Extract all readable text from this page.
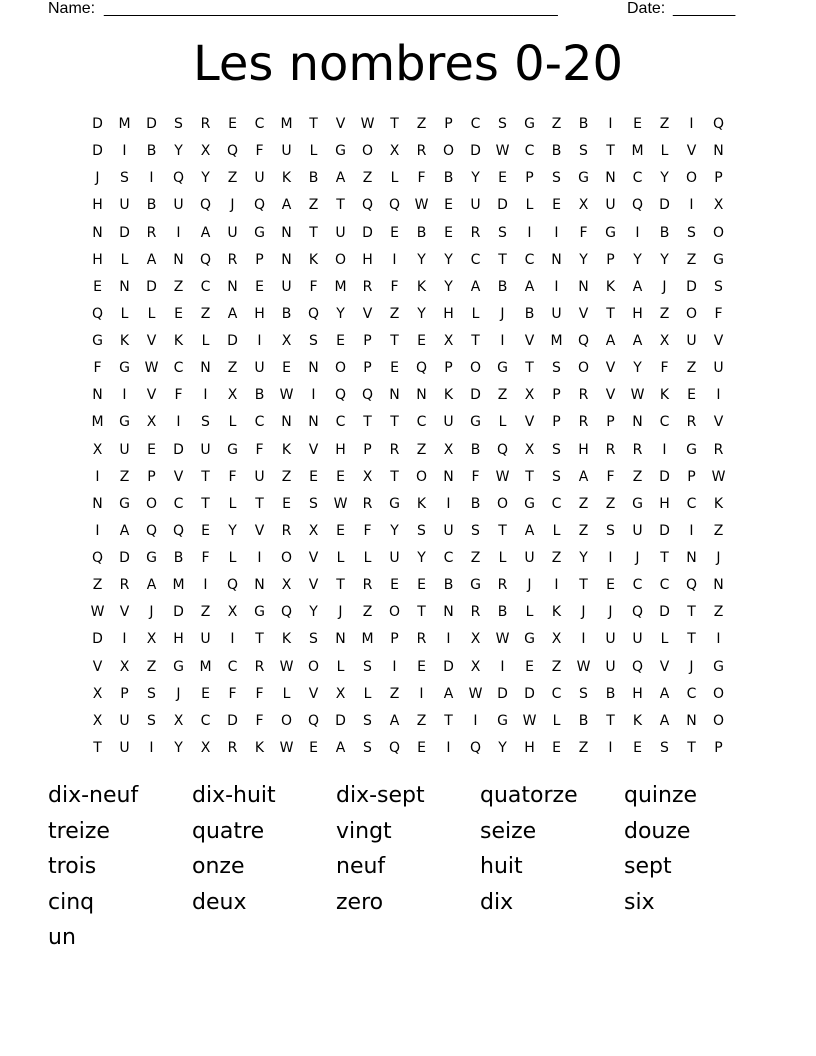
Name: ___________________________________________________	Date: _______
Les nombres 0-20
D	M	D	S	R	E	C	M	T	V	W	T	Z	P	C	S	G	Z	B	I	E	Z	I	Q
D	I	B	Y	X	Q	F	U	L	G	O	X	R	O	D	W	C	B	S	T	M	L	V	N
J	S	I	Q	Y	Z	U	K	B	A	Z	L	F	B	Y	E	P	S	G	N	C	Y	O	P
H	U	B	U	Q	J	Q	A	Z	T	Q	Q	W	E	U	D	L	E	X	U	Q	D	I	X
N	D	R	I	A	U	G	N	T	U	D	E	B	E	R	S	I	I	F	G	I	B	S	O
H	L	A	N	Q	R	P	N	K	O	H	I	Y	Y	C	T	C	N	Y	P	Y	Y	Z	G
E	N	D	Z	C	N	E	U	F	M	R	F	K	Y	A	B	A	I	N	K	A	J	D	S
Q	L	L	E	Z	A	H	B	Q	Y	V	Z	Y	H	L	J	B	U	V	T	H	Z	O	F
G	K	V	K	L	D	I	X	S	E	P	T	E	X	T	I	V	M	Q	A	A	X	U	V
F	G	W	C	N	Z	U	E	N	O	P	E	Q	P	O	G	T	S	O	V	Y	F	Z	U
N	I	V	F	I	X	B	W	I	Q	Q	N	N	K	D	Z	X	P	R	V	W	K	E	I
M	G	X	I	S	L	C	N	N	C	T	T	C	U	G	L	V	P	R	P	N	C	R	V
X	U	E	D	U	G	F	K	V	H	P	R	Z	X	B	Q	X	S	H	R	R	I	G	R
I	Z	P	V	T	F	U	Z	E	E	X	T	O	N	F	W	T	S	A	F	Z	D	P	W
N	G	O	C	T	L	T	E	S	W	R	G	K	I	B	O	G	C	Z	Z	G	H	C	K
I	A	Q	Q	E	Y	V	R	X	E	F	Y	S	U	S	T	A	L	Z	S	U	D	I	Z
Q	D	G	B	F	L	I	O	V	L	L	U	Y	C	Z	L	U	Z	Y	I	J	T	N	J
Z	R	A	M	I	Q	N	X	V	T	R	E	E	B	G	R	J	I	T	E	C	C	Q	N
W	V	J	D	Z	X	G	Q	Y	J	Z	O	T	N	R	B	L	K	J	J	Q	D	T	Z
D	I	X	H	U	I	T	K	S	N	M	P	R	I	X	W	G	X	I	U	U	L	T	I
V	X	Z	G	M	C	R	W	O	L	S	I	E	D	X	I	E	Z	W	U	Q	V	J	G
X	P	S	J	E	F	F	L	V	X	L	Z	I	A	W	D	D	C	S	B	H	A	C	O
X	U	S	X	C	D	F	O	Q	D	S	A	Z	T	I	G	W	L	B	T	K	A	N	O
T	U	I	Y	X	R	K	W	E	A	S	Q	E	I	Q	Y	H	E	Z	I	E	S	T	P
dix-neuf	dix-huit	dix-sept	quatorze	quinze
treize	quatre	vingt	seize	douze
trois	onze	neuf	huit	sept
cinq	deux	zero	dix	six
un
